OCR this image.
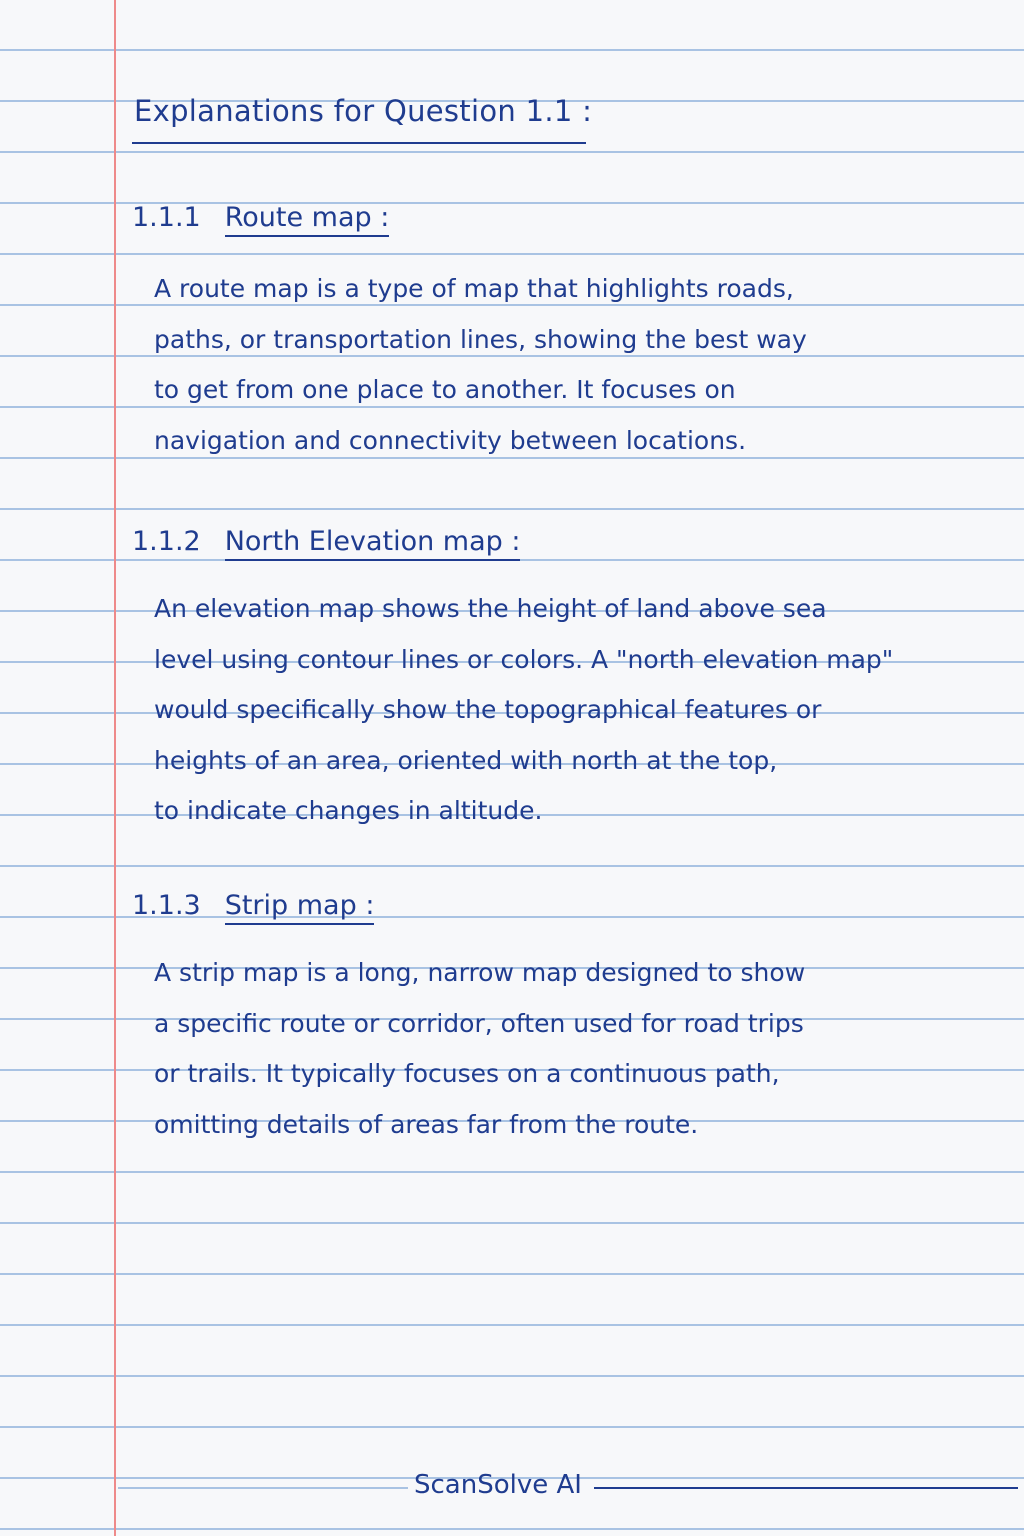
Explanations for Question 1.1 :
1.1.1 Route map :
A route map is a type of map that highlights roads,
paths, or transportation lines, showing the best way
to get from one place to another. It focuses on
navigation and connectivity between locations.
1.1.2 North Elevation map :
An elevation map shows the height of land above sea
level using contour lines or colors. A "north elevation map"
would specifically show the topographical features or
heights of an area, oriented with north at the top,
to indicate changes in altitude.
1.1.3 Strip map :
A strip map is a long, narrow map designed to show
a specific route or corridor, often used for road trips
or trails. It typically focuses on a continuous path,
omitting details of areas far from the route.
ScanSolve AI
